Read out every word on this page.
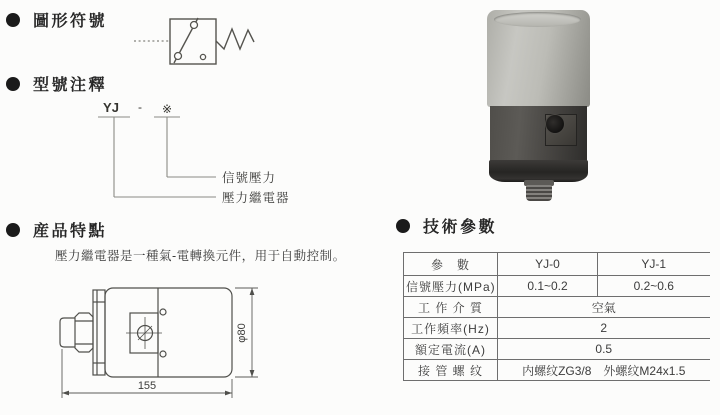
圖形符號
型號注釋
YJ - ※
信號壓力
壓力繼電器
産品特點
壓力繼電器是一種氣-電轉換元件，用于自動控制。
155
φ80
技術參數
參　數	YJ-0	YJ-1
信號壓力(MPa)	0.1~0.2	0.2~0.6
工 作 介 質	空氣	
工作頻率(Hz)	2	
額定電流(A)	0.5	
接 管 螺 纹	内螺纹ZG3/8　外螺纹M24x1.5	
